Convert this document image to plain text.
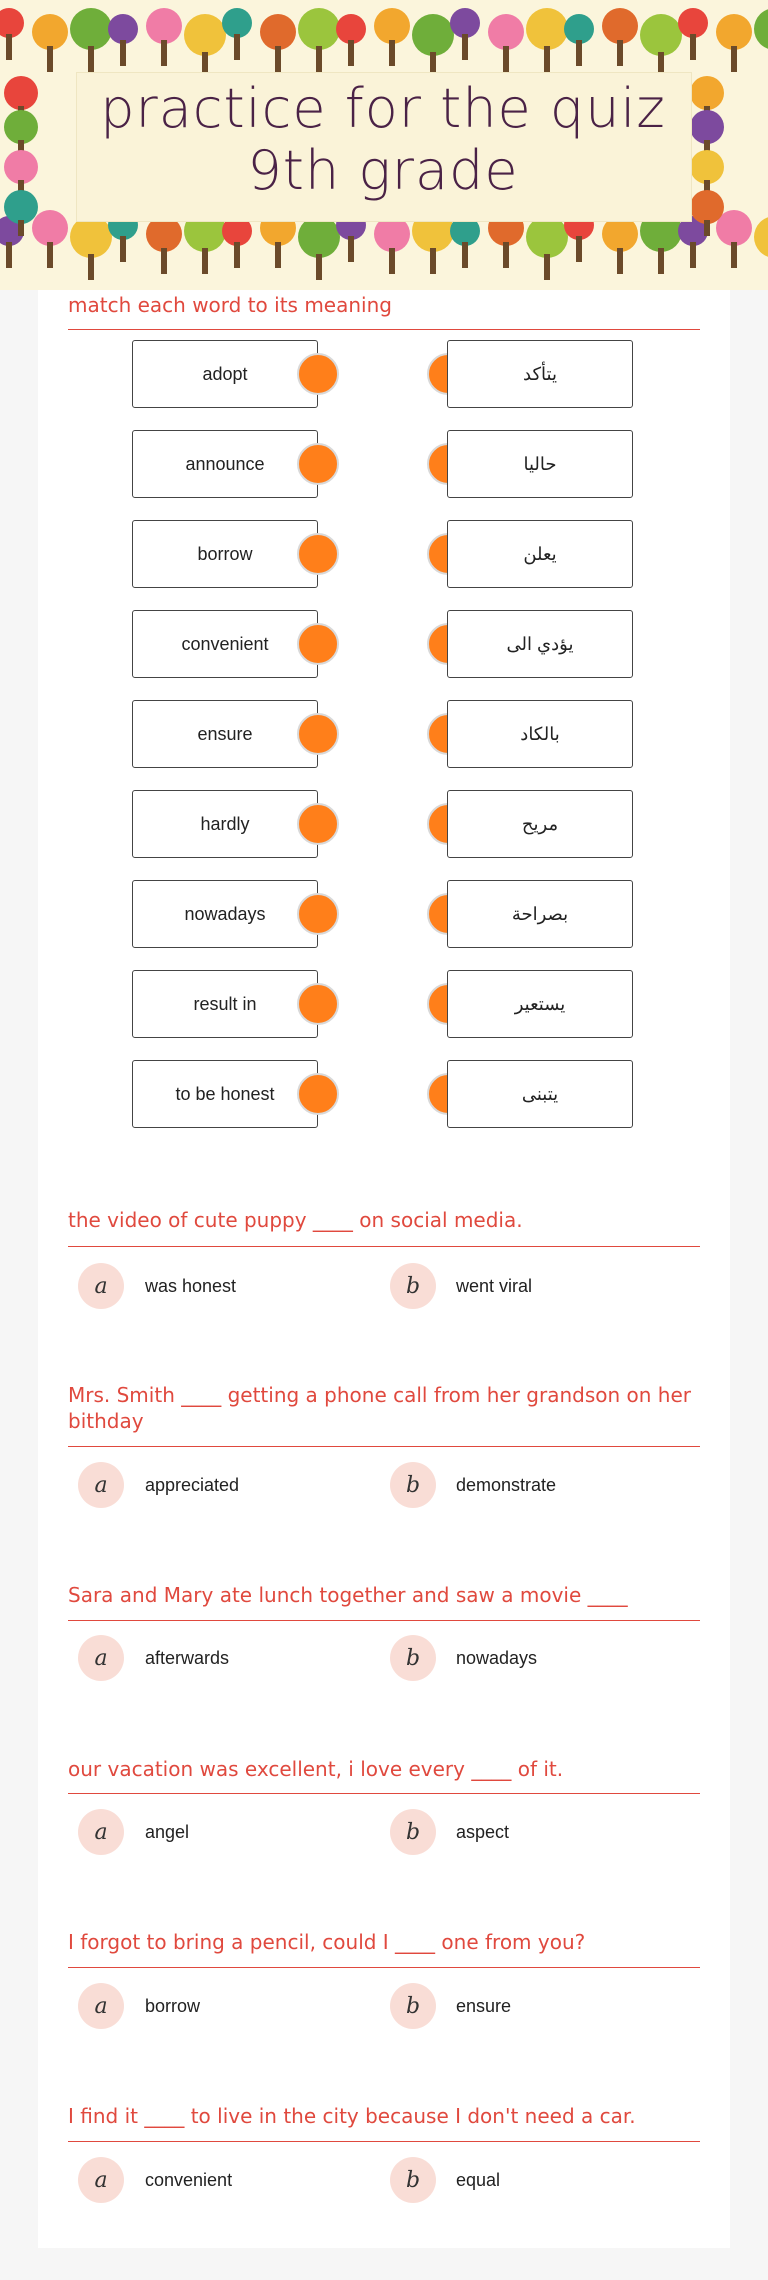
practice for the quiz
9th grade
match each word to its meaning
adopt	يتأكد
announce	حاليا
borrow	يعلن
convenient	يؤدي الى
ensure	بالكاد
hardly	مريح
nowadays	بصراحة
result in	يستعير
to be honest	يتبنى
the video of cute puppy ____ on social media.
a	was honest	b	went viral
Mrs. Smith ____ getting a phone call from her grandson on her bithday
a	appreciated	b	demonstrate
Sara and Mary ate lunch together and saw a movie ____
a	afterwards	b	nowadays
our vacation was excellent, i love every ____ of it.
a	angel	b	aspect
I forgot to bring a pencil, could I ____ one from you?
a	borrow	b	ensure
I find it ____ to live in the city because I don't need a car.
a	convenient	b	equal
